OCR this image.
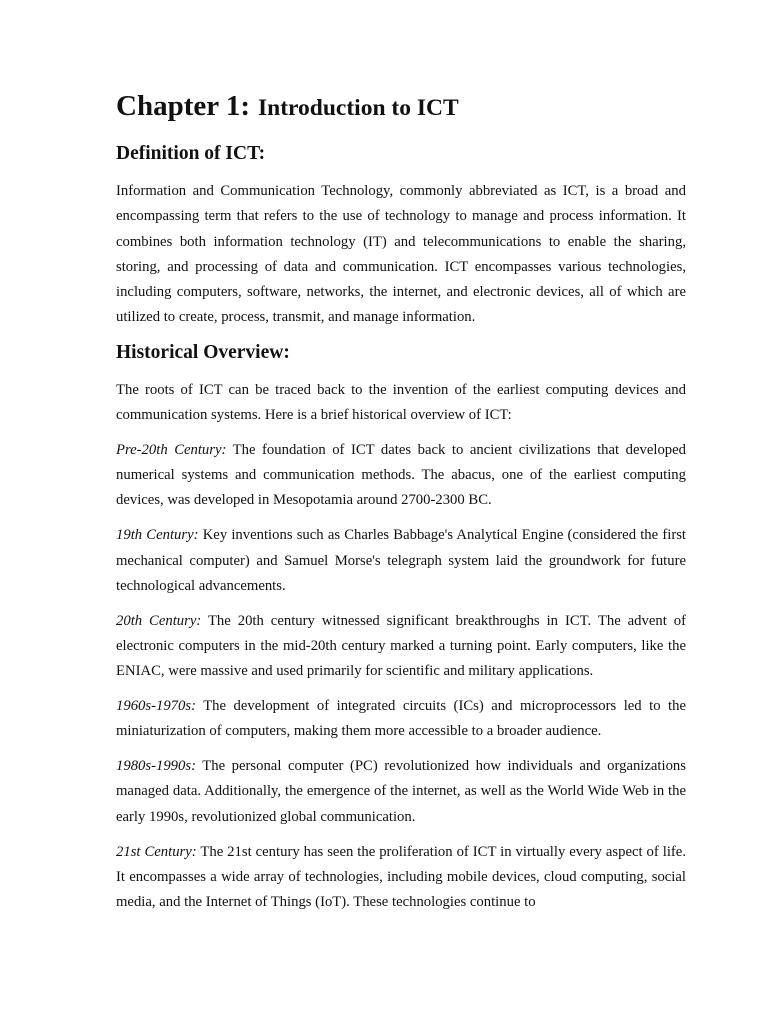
Chapter 1: Introduction to ICT
Definition of ICT:

Information and Communication Technology, commonly abbreviated as ICT, is a broad and encompassing term that refers to the use of technology to manage and process information. It combines both information technology (IT) and telecommunications to enable the sharing, storing, and processing of data and communication. ICT encompasses various technologies, including computers, software, networks, the internet, and electronic devices, all of which are utilized to create, process, transmit, and manage information.

Historical Overview:

The roots of ICT can be traced back to the invention of the earliest computing devices and communication systems. Here is a brief historical overview of ICT:

Pre-20th Century: The foundation of ICT dates back to ancient civilizations that developed numerical systems and communication methods. The abacus, one of the earliest computing devices, was developed in Mesopotamia around 2700-2300 BC.

19th Century: Key inventions such as Charles Babbage's Analytical Engine (considered the first mechanical computer) and Samuel Morse's telegraph system laid the groundwork for future technological advancements.

20th Century: The 20th century witnessed significant breakthroughs in ICT. The advent of electronic computers in the mid-20th century marked a turning point. Early computers, like the ENIAC, were massive and used primarily for scientific and military applications.

1960s-1970s: The development of integrated circuits (ICs) and microprocessors led to the miniaturization of computers, making them more accessible to a broader audience.

1980s-1990s: The personal computer (PC) revolutionized how individuals and organizations managed data. Additionally, the emergence of the internet, as well as the World Wide Web in the early 1990s, revolutionized global communication.

21st Century: The 21st century has seen the proliferation of ICT in virtually every aspect of life. It encompasses a wide array of technologies, including mobile devices, cloud computing, social media, and the Internet of Things (IoT). These technologies continue to
